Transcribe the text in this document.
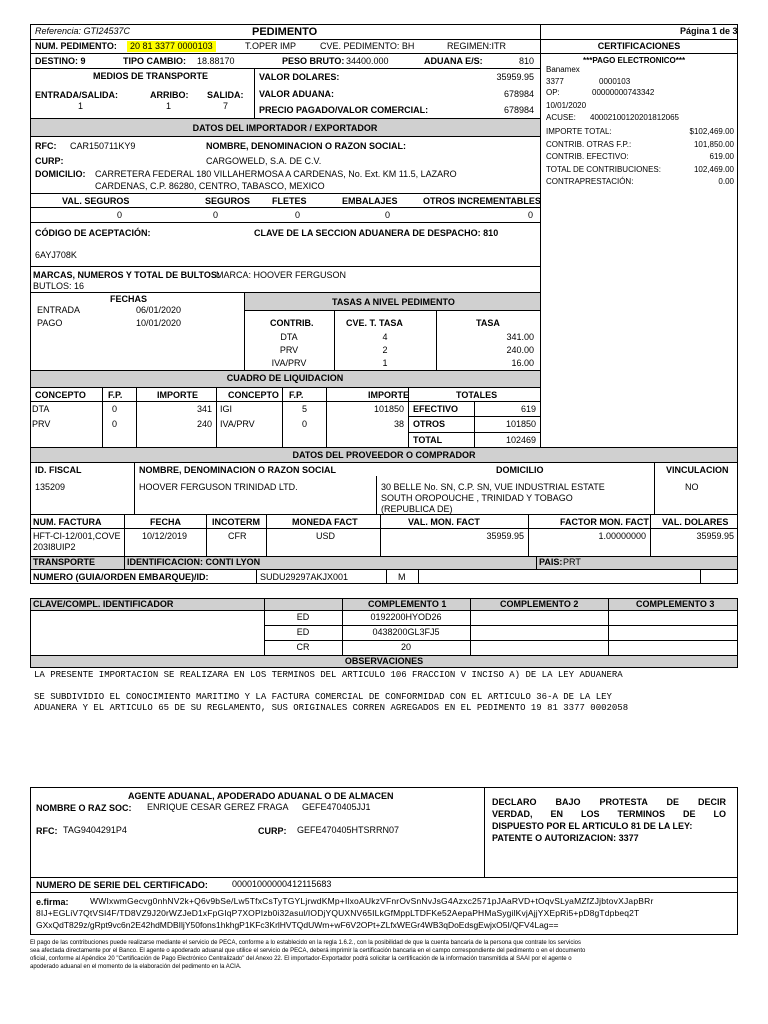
Referencia: GTI24537C	PEDIMENTO	Página 1 de 3
NUM. PEDIMENTO:	20 81 3377 0000103	T.OPER IMP	CVE. PEDIMENTO: BH	REGIMEN:ITR
DESTINO: 9	TIPO CAMBIO: 18.88170	PESO BRUTO: 34400.000	ADUANA E/S:	810
MEDIOS DE TRANSPORTE
ENTRADA/SALIDA:	ARRIBO: SALIDA:
1	1	7
VALOR DOLARES:	35959.95
VALOR ADUANA:	678984
PRECIO PAGADO/VALOR COMERCIAL:	678984
CERTIFICACIONES
***PAGO ELECTRONICO***
Banamex
3377	0000103
OP:	00000000743342
10/01/2020
ACUSE: 40002100120201812065
IMPORTE TOTAL:	$102,469.00
CONTRIB. OTRAS F.P.:	101,850.00
CONTRIB. EFECTIVO:	619.00
TOTAL DE CONTRIBUCIONES:	102,469.00
CONTRAPRESTACIÓN:	0.00
DATOS DEL IMPORTADOR / EXPORTADOR
RFC: CAR150711KY9	NOMBRE, DENOMINACION O RAZON SOCIAL:
CURP:	CARGOWELD, S.A. DE C.V.
DOMICILIO: CARRETERA FEDERAL 180 VILLAHERMOSA A CARDENAS, No. Ext. KM 11.5, LAZARO
CARDENAS, C.P. 86280, CENTRO, TABASCO, MEXICO
VAL. SEGUROS	SEGUROS FLETES	EMBALAJES	OTROS INCREMENTABLES
0	0	0	0	0
CÓDIGO DE ACEPTACIÓN:	CLAVE DE LA SECCION ADUANERA DE DESPACHO: 810
6AYJ708K
MARCAS, NUMEROS Y TOTAL DE BULTOS:
MARCA: HOOVER FERGUSON
BUTLOS: 16
FECHAS
ENTRADA	06/01/2020
PAGO	10/01/2020
TASAS A NIVEL PEDIMENTO
CONTRIB.	CVE. T. TASA	TASA
DTA	4	341.00
PRV	2	240.00
IVA/PRV	1	16.00
CUADRO DE LIQUIDACION
CONCEPTO F.P.	IMPORTE	CONCEPTO F.P.	IMPORTE	TOTALES
DTA	0	341 IGI	5	101850 EFECTIVO	619
PRV	0	240 IVA/PRV	0	38 OTROS	101850
TOTAL	102469
DATOS DEL PROVEEDOR O COMPRADOR
ID. FISCAL	NOMBRE, DENOMINACION O RAZON SOCIAL	DOMICILIO	VINCULACION
135209	HOOVER FERGUSON TRINIDAD LTD.	30 BELLE No. SN, C.P. SN, VUE INDUSTRIAL ESTATE
SOUTH OROPOUCHE , TRINIDAD Y TOBAGO
(REPUBLICA DE)
NO
NUM. FACTURA	FECHA	INCOTERM	MONEDA FACT	VAL. MON. FACT	FACTOR MON. FACT VAL. DOLARES
HFT-CI-12/001,COVE
203I8UIP2
10/12/2019	CFR	USD	35959.95	1.00000000	35959.95
TRANSPORTE	IDENTIFICACION: CONTI LYON	PAIS: PRT
NUMERO (GUIA/ORDEN EMBARQUE)/ID:	SUDU29297AKJX001	M
CLAVE/COMPL. IDENTIFICADOR	COMPLEMENTO 1	COMPLEMENTO 2	COMPLEMENTO 3
ED	0192200HYOD26
ED	0438200GL3FJ5
CR	20
OBSERVACIONES
LA PRESENTE IMPORTACION SE REALIZARA EN LOS TERMINOS DEL ARTICULO 106 FRACCION V INCISO A) DE LA LEY ADUANERA
SE SUBDIVIDIO EL CONOCIMIENTO MARITIMO Y LA FACTURA COMERCIAL DE CONFORMIDAD CON EL ARTICULO 36-A DE LA LEY
ADUANERA Y EL ARTICULO 65 DE SU REGLAMENTO, SUS ORIGINALES CORREN AGREGADOS EN EL PEDIMENTO 19 81 3377 0002058
AGENTE ADUANAL, APODERADO ADUANAL O DE ALMACEN
NOMBRE O RAZ SOC: ENRIQUE CESAR GEREZ FRAGA GEFE470405JJ1
RFC: TAG9404291P4	CURP: GEFE470405HTSRRN07
DECLARO BAJO PROTESTA DE DECIR
VERDAD, EN LOS TERMINOS DE LO
DISPUESTO POR EL ARTICULO 81 DE LA LEY:
PATENTE O AUTORIZACION: 3377
NUMERO DE SERIE DEL CERTIFICADO:	00001000000412115683
e.firma:	WWIxwmGecvg0nhNV2k+Q6v9bSe/Lw5TfxCsTyTGYLjrwdKMp+IlxoAUkzVFnrOvSnNvJsG4Azxc2571pJAaRVD+tOqvSLyaMZfZJjbtovXJapBRr
8IJ+EGLiV7QtVSI4F/TD8VZ9J20rWZJeD1xFpGIqP7XOPIzb0i32asul/IODjYQUXNV65ILkGfMppLTDFKe52AepaPHMaSygilKvjAjjYXEpRi5+pD8gTdpbeq2T
GXxQdT829z/gRpt9vc6n2E42hdMDBIljY50fons1hkhgP1KFc3KrlHVTQdUWm+wF6V2OPt+ZLfxWEGr4WB3qDoEdsgEwjxO5I/QFV4Lag==
El pago de las contribuciones puede realizarse mediante el servicio de PECA, conforme a lo establecido en la regla 1.6.2., con la posibilidad de que la cuenta bancaria de la persona que contrate los servicios
sea afectada directamente por el Banco. El agente o apoderado aduanal que utilice el servicio de PECA, deberá imprimir la certificación bancaria en el campo correspondiente del pedimento o en el documento
oficial, conforme al Apéndice 20 "Certificación de Pago Electrónico Centralizado" del Anexo 22. El importador-Exportador podrá solicitar la certificación de la información transmitida al SAAI por el agente o
apoderado aduanal en el momento de la elaboración del pedimento en la ACIA.
